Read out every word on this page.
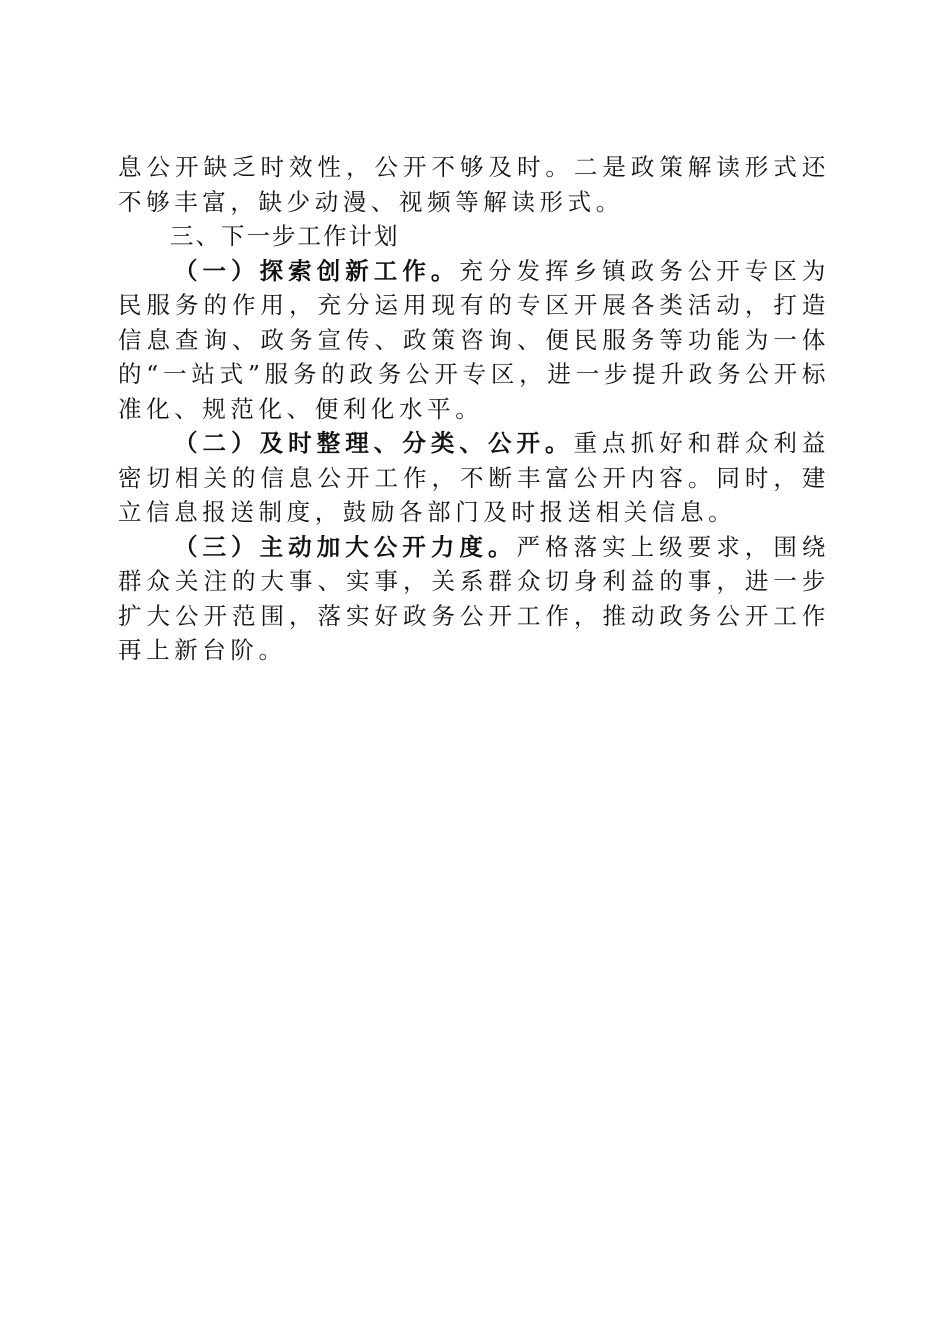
息公开缺乏时效性，公开不够及时。二是政策解读形式还不够丰富，缺少动漫、视频等解读形式。

三、下一步工作计划

（一）探索创新工作。充分发挥乡镇政务公开专区为民服务的作用，充分运用现有的专区开展各类活动，打造信息查询、政务宣传、政策咨询、便民服务等功能为一体的“一站式”服务的政务公开专区，进一步提升政务公开标准化、规范化、便利化水平。

（二）及时整理、分类、公开。重点抓好和群众利益密切相关的信息公开工作，不断丰富公开内容。同时，建立信息报送制度，鼓励各部门及时报送相关信息。

（三）主动加大公开力度。严格落实上级要求，围绕群众关注的大事、实事，关系群众切身利益的事，进一步扩大公开范围，落实好政务公开工作，推动政务公开工作再上新台阶。
